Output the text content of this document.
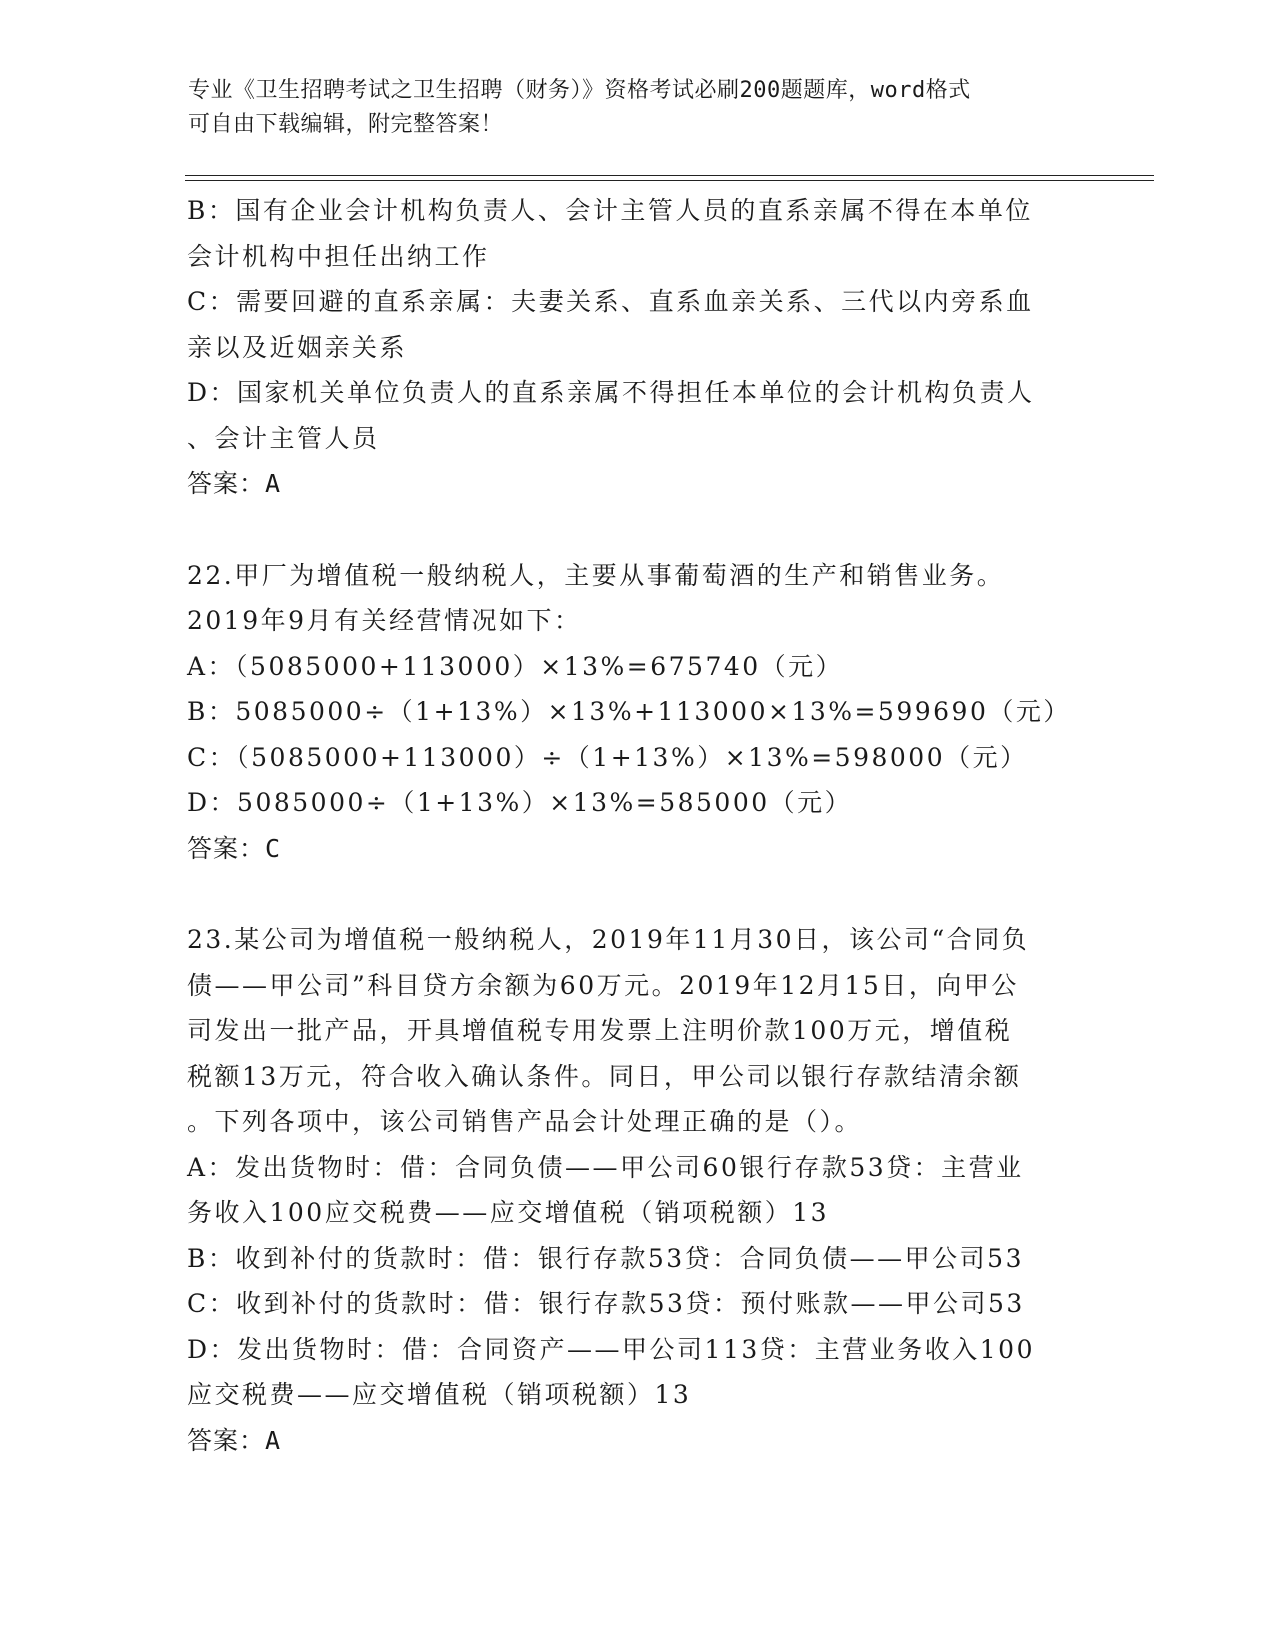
专业《卫生招聘考试之卫生招聘（财务）》资格考试必刷200题题库，word格式
可自由下载编辑，附完整答案！
B：国有企业会计机构负责人、会计主管人员的直系亲属不得在本单位
会计机构中担任出纳工作
C：需要回避的直系亲属：夫妻关系、直系血亲关系、三代以内旁系血
亲以及近姻亲关系
D：国家机关单位负责人的直系亲属不得担任本单位的会计机构负责人
、会计主管人员
答案：A
22.甲厂为增值税一般纳税人，主要从事葡萄酒的生产和销售业务。
2019年9月有关经营情况如下：
A：（5085000+113000）×13%=675740（元）
B：5085000÷（1+13%）×13%+113000×13%=599690（元）
C：（5085000+113000）÷（1+13%）×13%=598000（元）
D：5085000÷（1+13%）×13%=585000（元）
答案：C
23.某公司为增值税一般纳税人，2019年11月30日，该公司“合同负
债——甲公司”科目贷方余额为60万元。2019年12月15日，向甲公
司发出一批产品，开具增值税专用发票上注明价款100万元，增值税
税额13万元，符合收入确认条件。同日，甲公司以银行存款结清余额
。下列各项中，该公司销售产品会计处理正确的是（）。
A：发出货物时：借：合同负债——甲公司60银行存款53贷：主营业
务收入100应交税费——应交增值税（销项税额）13
B：收到补付的货款时：借：银行存款53贷：合同负债——甲公司53
C：收到补付的货款时：借：银行存款53贷：预付账款——甲公司53
D：发出货物时：借：合同资产——甲公司113贷：主营业务收入100
应交税费——应交增值税（销项税额）13
答案：A
